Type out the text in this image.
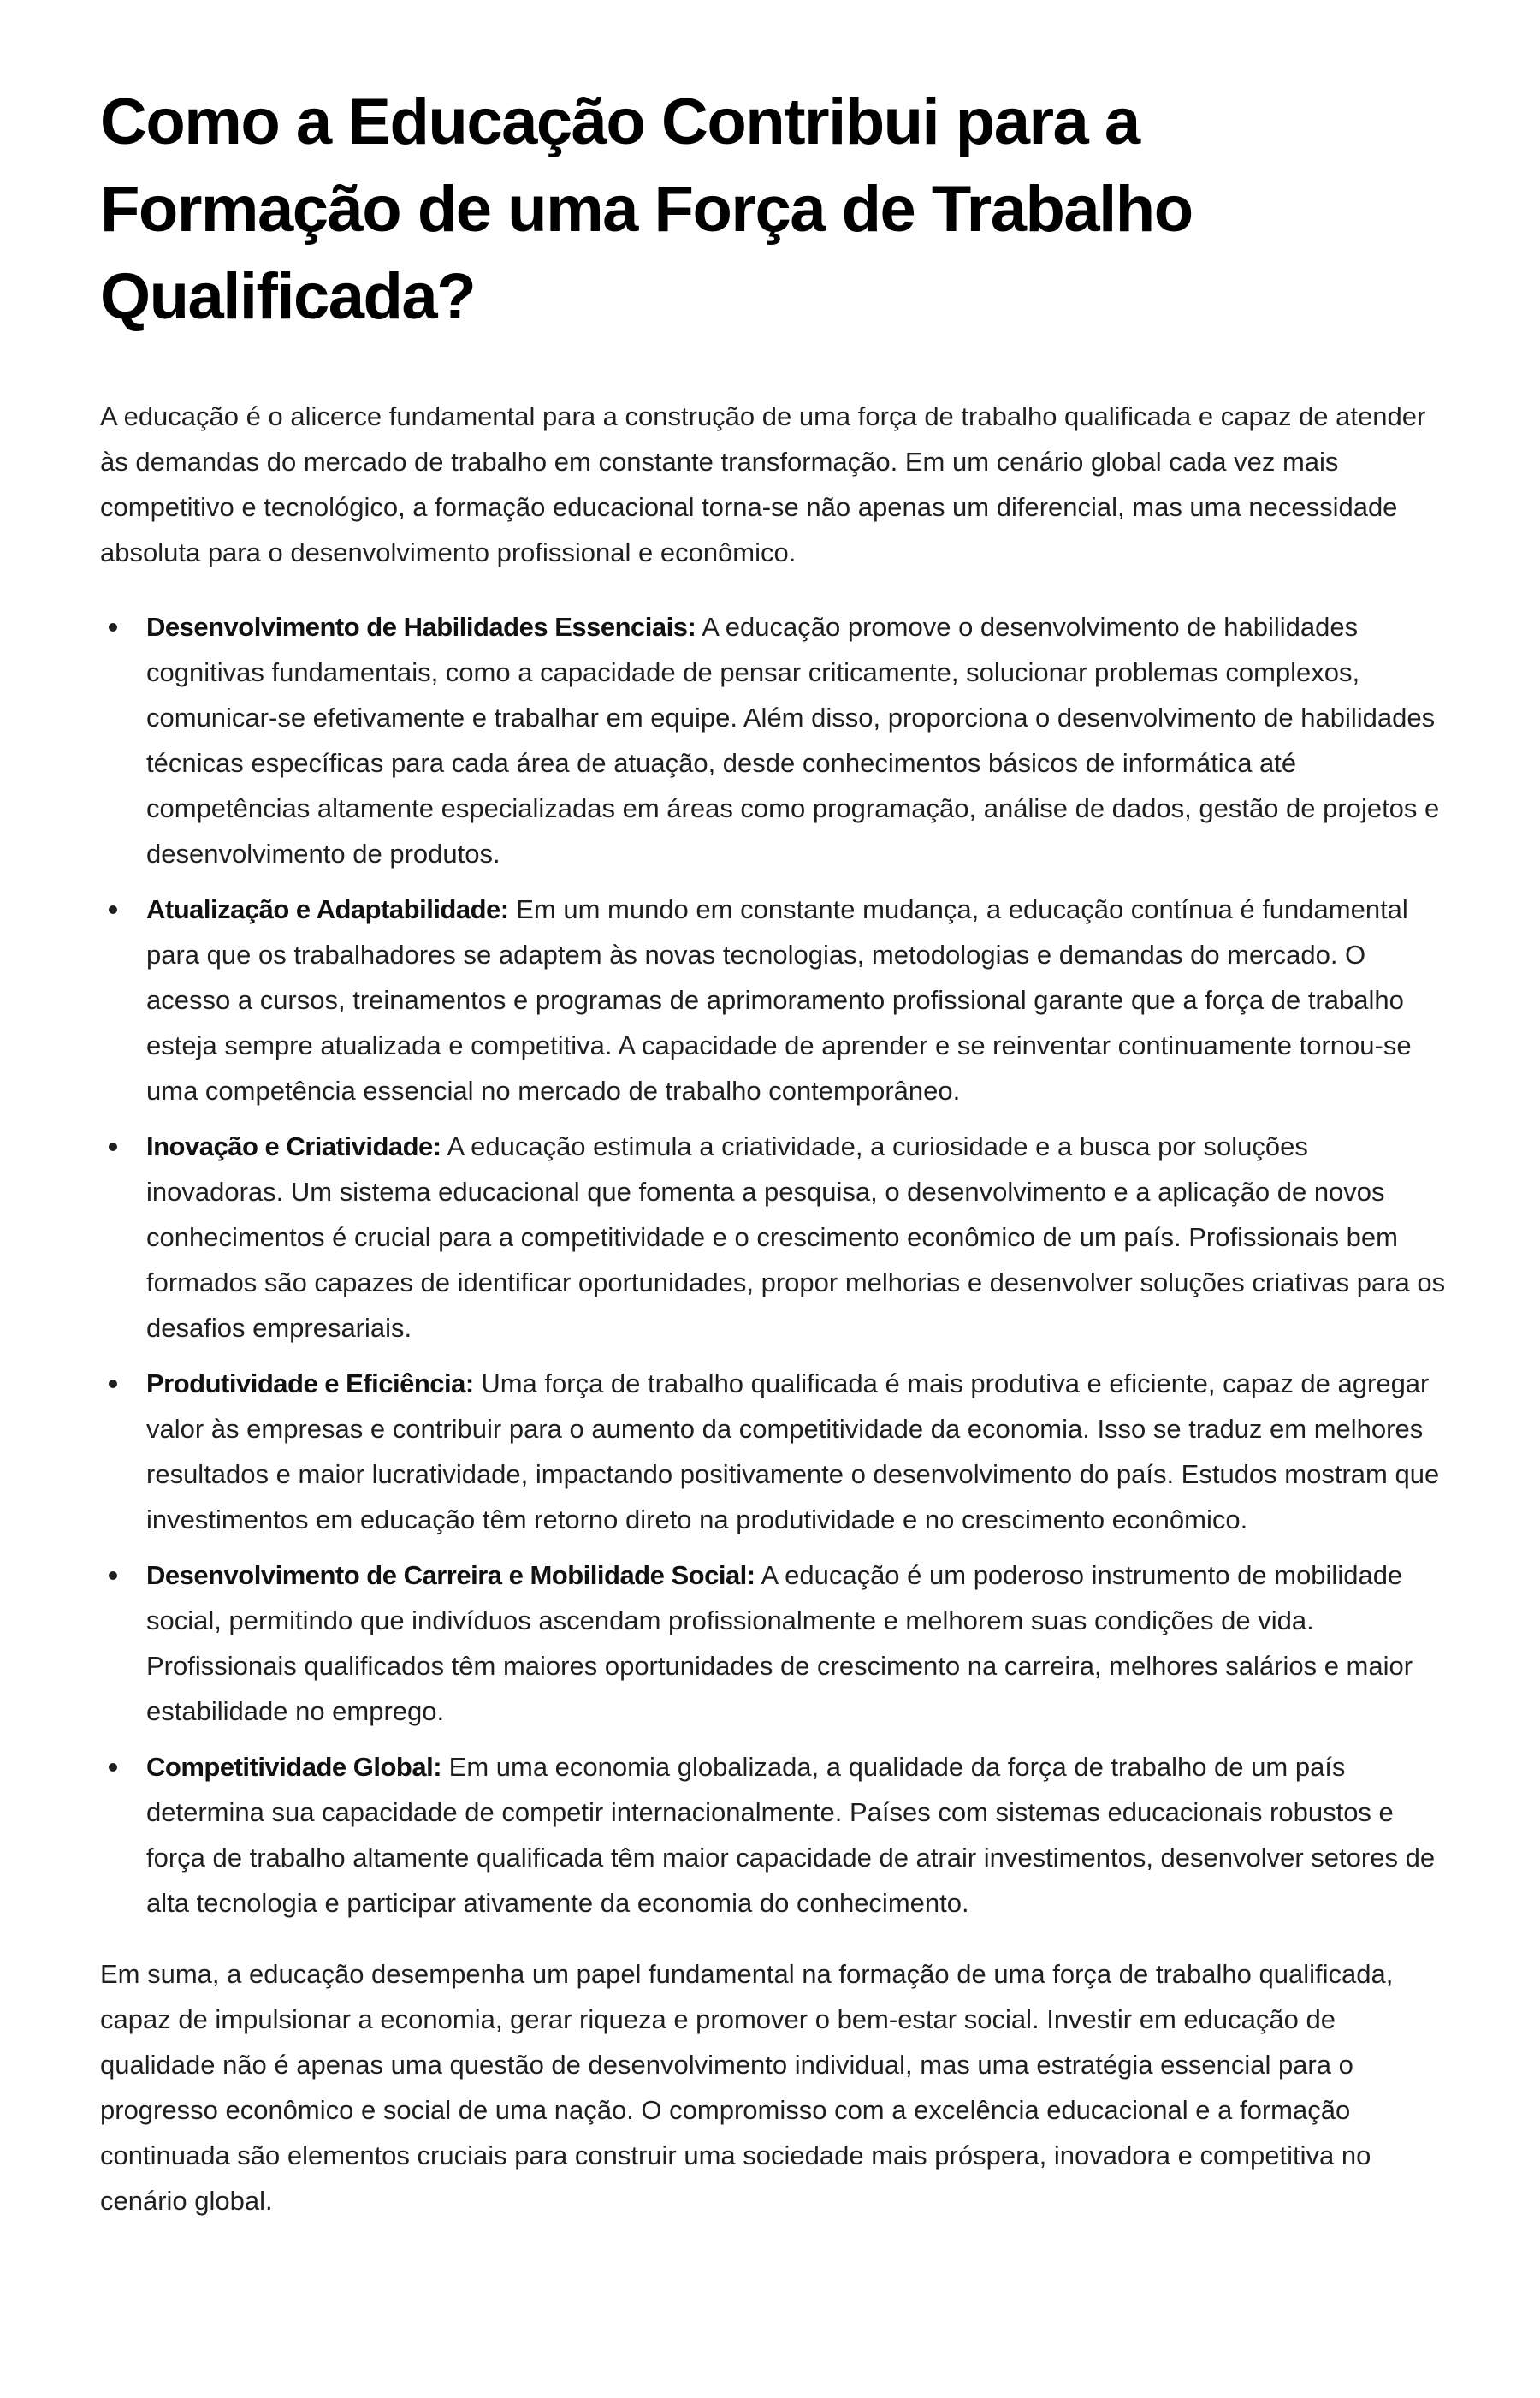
Como a Educação Contribui para a Formação de uma Força de Trabalho Qualificada?

A educação é o alicerce fundamental para a construção de uma força de trabalho qualificada e capaz de atender às demandas do mercado de trabalho em constante transformação. Em um cenário global cada vez mais competitivo e tecnológico, a formação educacional torna-se não apenas um diferencial, mas uma necessidade absoluta para o desenvolvimento profissional e econômico.

Desenvolvimento de Habilidades Essenciais: A educação promove o desenvolvimento de habilidades cognitivas fundamentais, como a capacidade de pensar criticamente, solucionar problemas complexos, comunicar-se efetivamente e trabalhar em equipe. Além disso, proporciona o desenvolvimento de habilidades técnicas específicas para cada área de atuação, desde conhecimentos básicos de informática até competências altamente especializadas em áreas como programação, análise de dados, gestão de projetos e desenvolvimento de produtos.
Atualização e Adaptabilidade: Em um mundo em constante mudança, a educação contínua é fundamental para que os trabalhadores se adaptem às novas tecnologias, metodologias e demandas do mercado. O acesso a cursos, treinamentos e programas de aprimoramento profissional garante que a força de trabalho esteja sempre atualizada e competitiva. A capacidade de aprender e se reinventar continuamente tornou-se uma competência essencial no mercado de trabalho contemporâneo.
Inovação e Criatividade: A educação estimula a criatividade, a curiosidade e a busca por soluções inovadoras. Um sistema educacional que fomenta a pesquisa, o desenvolvimento e a aplicação de novos conhecimentos é crucial para a competitividade e o crescimento econômico de um país. Profissionais bem formados são capazes de identificar oportunidades, propor melhorias e desenvolver soluções criativas para os desafios empresariais.
Produtividade e Eficiência: Uma força de trabalho qualificada é mais produtiva e eficiente, capaz de agregar valor às empresas e contribuir para o aumento da competitividade da economia. Isso se traduz em melhores resultados e maior lucratividade, impactando positivamente o desenvolvimento do país. Estudos mostram que investimentos em educação têm retorno direto na produtividade e no crescimento econômico.
Desenvolvimento de Carreira e Mobilidade Social: A educação é um poderoso instrumento de mobilidade social, permitindo que indivíduos ascendam profissionalmente e melhorem suas condições de vida. Profissionais qualificados têm maiores oportunidades de crescimento na carreira, melhores salários e maior estabilidade no emprego.
Competitividade Global: Em uma economia globalizada, a qualidade da força de trabalho de um país determina sua capacidade de competir internacionalmente. Países com sistemas educacionais robustos e força de trabalho altamente qualificada têm maior capacidade de atrair investimentos, desenvolver setores de alta tecnologia e participar ativamente da economia do conhecimento.

Em suma, a educação desempenha um papel fundamental na formação de uma força de trabalho qualificada, capaz de impulsionar a economia, gerar riqueza e promover o bem-estar social. Investir em educação de qualidade não é apenas uma questão de desenvolvimento individual, mas uma estratégia essencial para o progresso econômico e social de uma nação. O compromisso com a excelência educacional e a formação continuada são elementos cruciais para construir uma sociedade mais próspera, inovadora e competitiva no cenário global.
